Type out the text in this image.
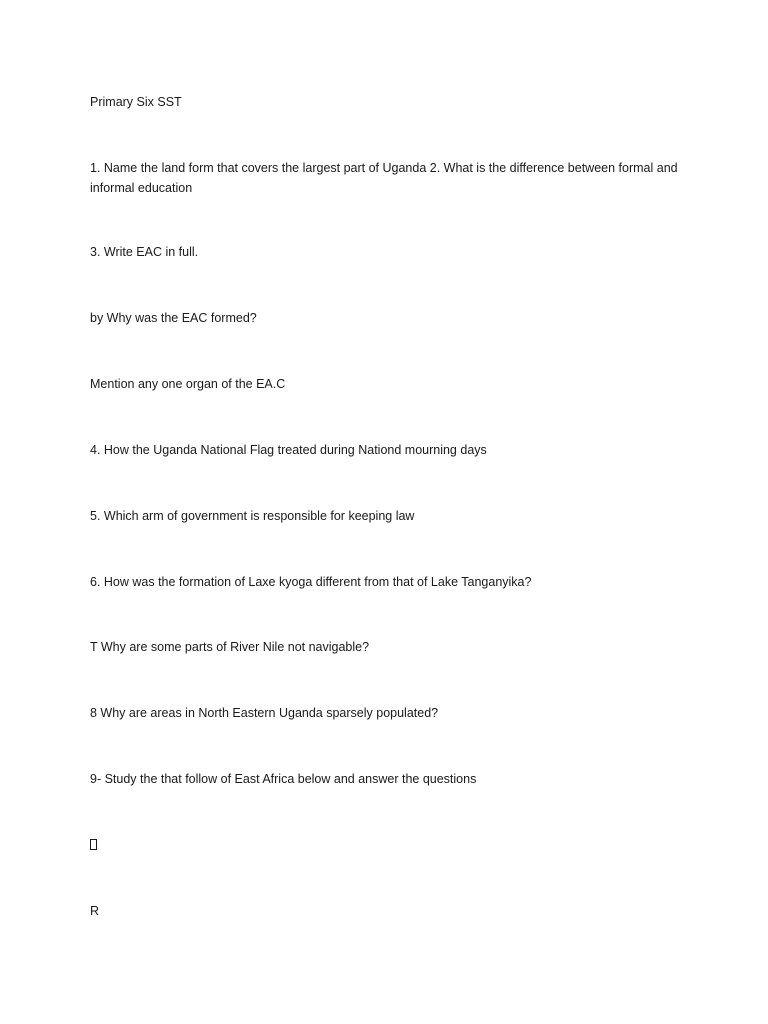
Primary Six SST

1. Name the land form that covers the largest part of Uganda 2. What is the difference between formal and informal education

3. Write EAC in full.

by Why was the EAC formed?

Mention any one organ of the EA.C

4. How the Uganda National Flag treated during Nationd mourning days

5. Which arm of government is responsible for keeping law

6. How was the formation of Laxe kyoga different from that of Lake Tanganyika?

T Why are some parts of River Nile not navigable?

8 Why are areas in North Eastern Uganda sparsely populated?

9- Study the that follow of East Africa below and answer the questions

R
